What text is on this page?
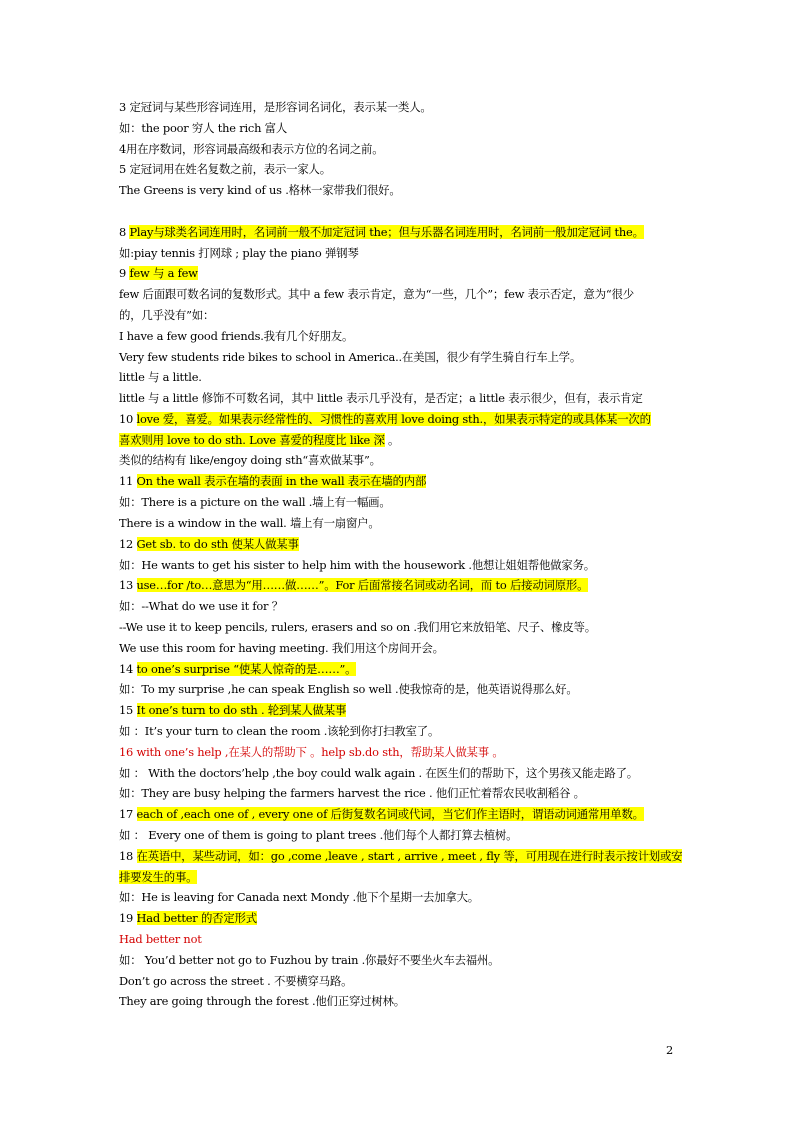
3 定冠词与某些形容词连用，是形容词名词化，表示某一类人。
如：the poor 穷人 the rich 富人
4用在序数词，形容词最高级和表示方位的名词之前。
5 定冠词用在姓名复数之前，表示一家人。
The Greens is very kind of us .格林一家带我们很好。
8 Play与球类名词连用时，名词前一般不加定冠词 the；但与乐器名词连用时，名词前一般加定冠词 the。
如:piay tennis 打网球 ; play the piano 弹钢琴
9 few 与 a few
few 后面跟可数名词的复数形式。其中 a few 表示肯定，意为“一些，几个”；few 表示否定，意为“很少
的，几乎没有”如：
I have a few good friends.我有几个好朋友。
Very few students ride bikes to school in America..在美国，很少有学生骑自行车上学。
little 与 a little.
little 与 a little 修饰不可数名词，其中 little 表示几乎没有，是否定；a little 表示很少，但有，表示肯定
10 love 爱，喜爱。如果表示经常性的、习惯性的喜欢用 love doing sth.，如果表示特定的或具体某一次的
喜欢则用 love to do sth. Love 喜爱的程度比 like 深 。
类似的结构有 like/engoy doing sth“喜欢做某事”。
11 On the wall 表示在墙的表面 in the wall 表示在墙的内部
如：There is a picture on the wall .墙上有一幅画。
There is a window in the wall. 墙上有一扇窗户。
12 Get sb. to do sth 使某人做某事
如：He wants to get his sister to help him with the housework .他想让姐姐帮他做家务。
13 use…for /to…意思为“用……做……”。For 后面常接名词或动名词，而 to 后接动词原形。
如：--What do we use it for ？
--We use it to keep pencils, rulers, erasers and so on .我们用它来放铅笔、尺子、橡皮等。
We use this room for having meeting. 我们用这个房间开会。
14 to one’s surprise “使某人惊奇的是……”。
如：To my surprise ,he can speak English so well .使我惊奇的是，他英语说得那么好。
15 It one’s turn to do sth . 轮到某人做某事
如 ：It’s your turn to clean the room .该轮到你打扫教室了。
16 with one’s help ,在某人的帮助下 。help sb.do sth，帮助某人做某事 。
如 ： With the doctors’help ,the boy could walk again . 在医生们的帮助下，这个男孩又能走路了。
如：They are busy helping the farmers harvest the rice . 他们正忙着帮农民收割稻谷 。
17 each of ,each one of , every one of 后街复数名词或代词，当它们作主语时，谓语动词通常用单数。
如 ： Every one of them is going to plant trees .他们每个人都打算去植树。
18 在英语中，某些动词，如：go ,come ,leave , start , arrive , meet , fly 等，可用现在进行时表示按计划或安
排要发生的事。
如：He is leaving for Canada next Mondy .他下个星期一去加拿大。
19 Had better 的否定形式
Had better not
如： You’d better not go to Fuzhou by train .你最好不要坐火车去福州。
Don’t go across the street . 不要横穿马路。
They are going through the forest .他们正穿过树林。
2
